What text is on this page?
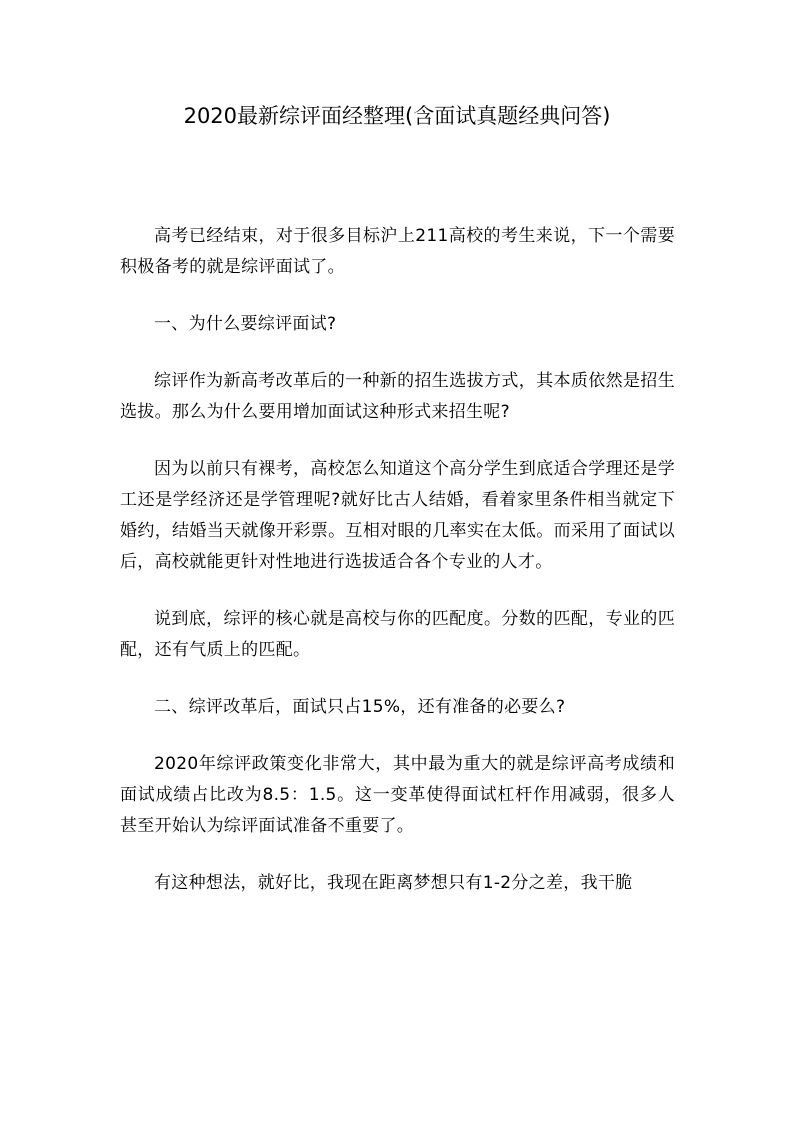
2020最新综评面经整理(含面试真题经典问答)

高考已经结束，对于很多目标沪上211高校的考生来说，下一个需要积极备考的就是综评面试了。

一、为什么要综评面试?

综评作为新高考改革后的一种新的招生选拔方式，其本质依然是招生选拔。那么为什么要用增加面试这种形式来招生呢?

因为以前只有裸考，高校怎么知道这个高分学生到底适合学理还是学工还是学经济还是学管理呢?就好比古人结婚，看着家里条件相当就定下婚约，结婚当天就像开彩票。互相对眼的几率实在太低。而采用了面试以后，高校就能更针对性地进行选拔适合各个专业的人才。

说到底，综评的核心就是高校与你的匹配度。分数的匹配，专业的匹配，还有气质上的匹配。

二、综评改革后，面试只占15%，还有准备的必要么?

2020年综评政策变化非常大，其中最为重大的就是综评高考成绩和面试成绩占比改为8.5：1.5。这一变革使得面试杠杆作用减弱，很多人甚至开始认为综评面试准备不重要了。

有这种想法，就好比，我现在距离梦想只有1-2分之差，我干脆
